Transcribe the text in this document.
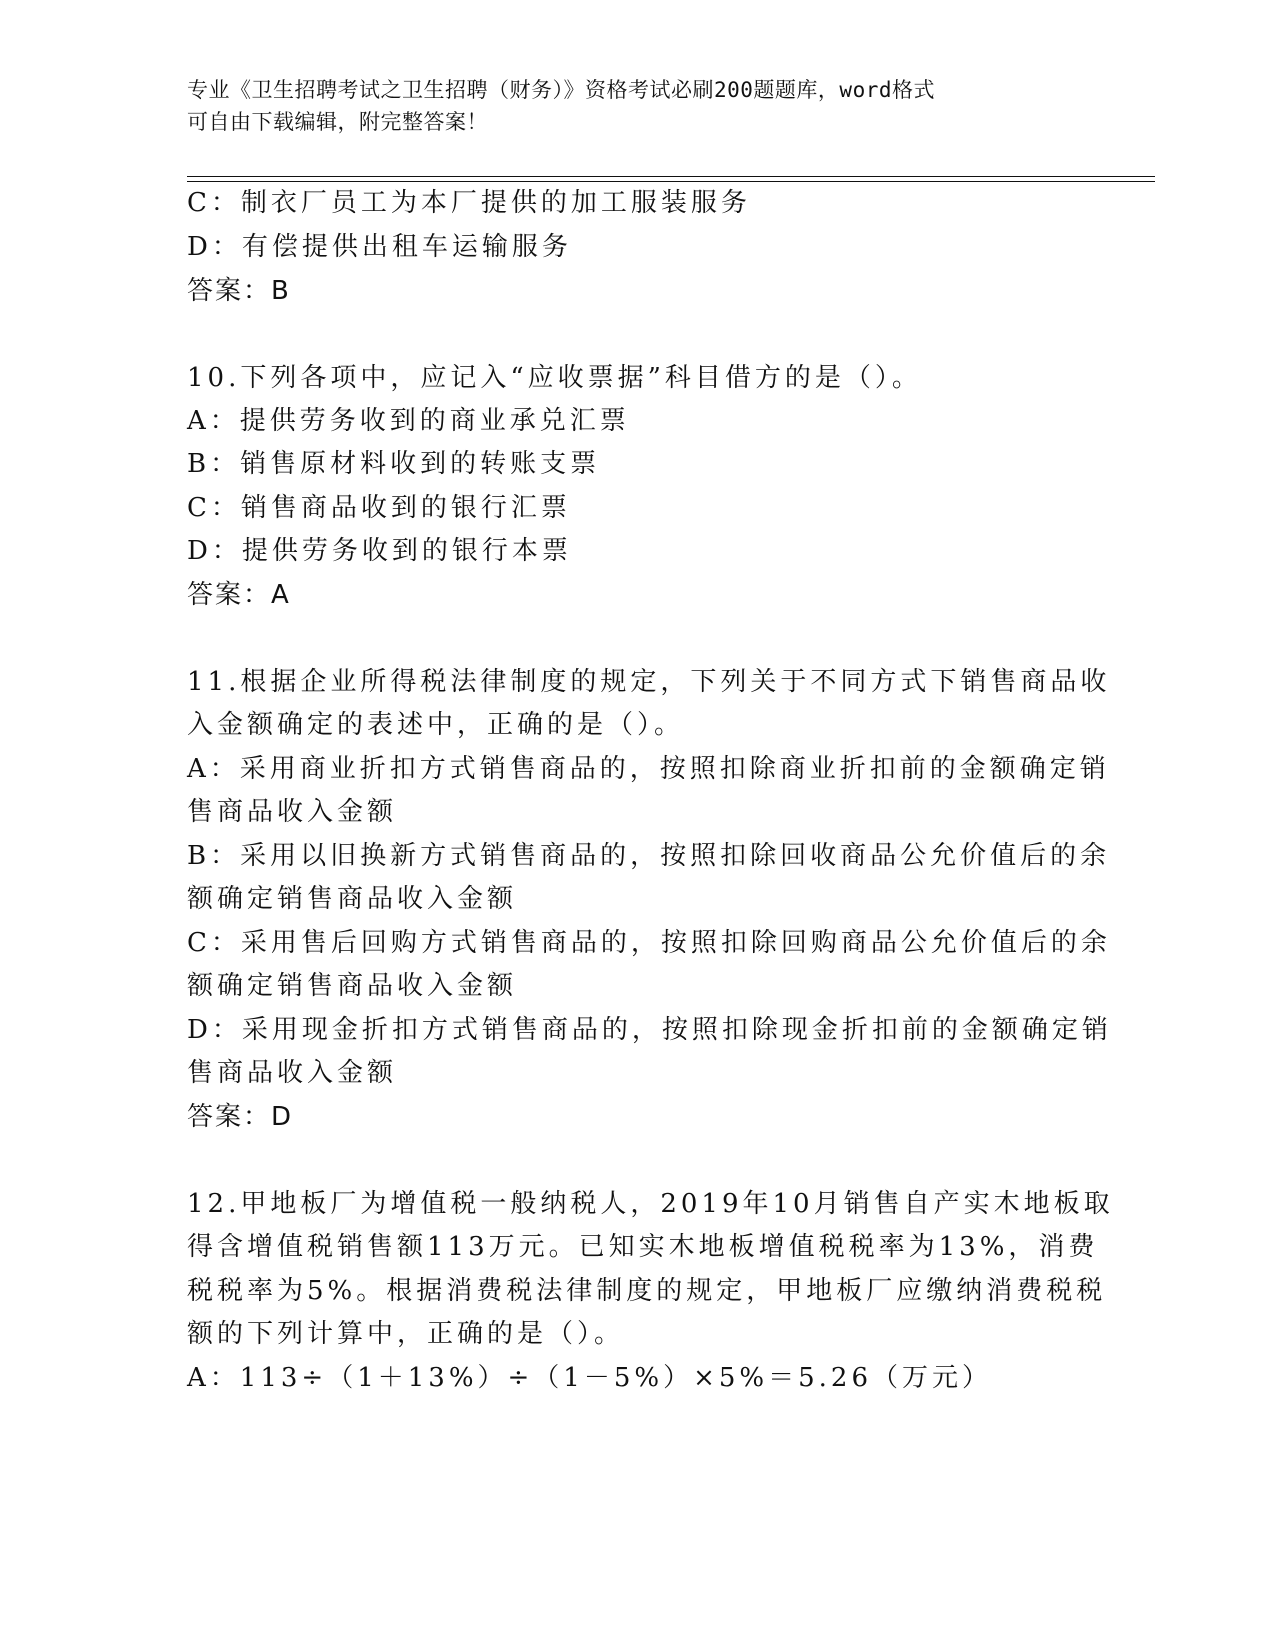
专业《卫生招聘考试之卫生招聘（财务）》资格考试必刷200题题库，word格式
可自由下载编辑，附完整答案！
C：制衣厂员工为本厂提供的加工服装服务
D：有偿提供出租车运输服务
答案：B
10.下列各项中，应记入“应收票据”科目借方的是（）。
A：提供劳务收到的商业承兑汇票
B：销售原材料收到的转账支票
C：销售商品收到的银行汇票
D：提供劳务收到的银行本票
答案：A
11.根据企业所得税法律制度的规定，下列关于不同方式下销售商品收
入金额确定的表述中，正确的是（）。
A：采用商业折扣方式销售商品的，按照扣除商业折扣前的金额确定销
售商品收入金额
B：采用以旧换新方式销售商品的，按照扣除回收商品公允价值后的余
额确定销售商品收入金额
C：采用售后回购方式销售商品的，按照扣除回购商品公允价值后的余
额确定销售商品收入金额
D：采用现金折扣方式销售商品的，按照扣除现金折扣前的金额确定销
售商品收入金额
答案：D
12.甲地板厂为增值税一般纳税人，2019年10月销售自产实木地板取
得含增值税销售额113万元。已知实木地板增值税税率为13%，消费
税税率为5%。根据消费税法律制度的规定，甲地板厂应缴纳消费税税
额的下列计算中，正确的是（）。
A：113÷（1＋13%）÷（1－5%）×5%＝5.26（万元）
